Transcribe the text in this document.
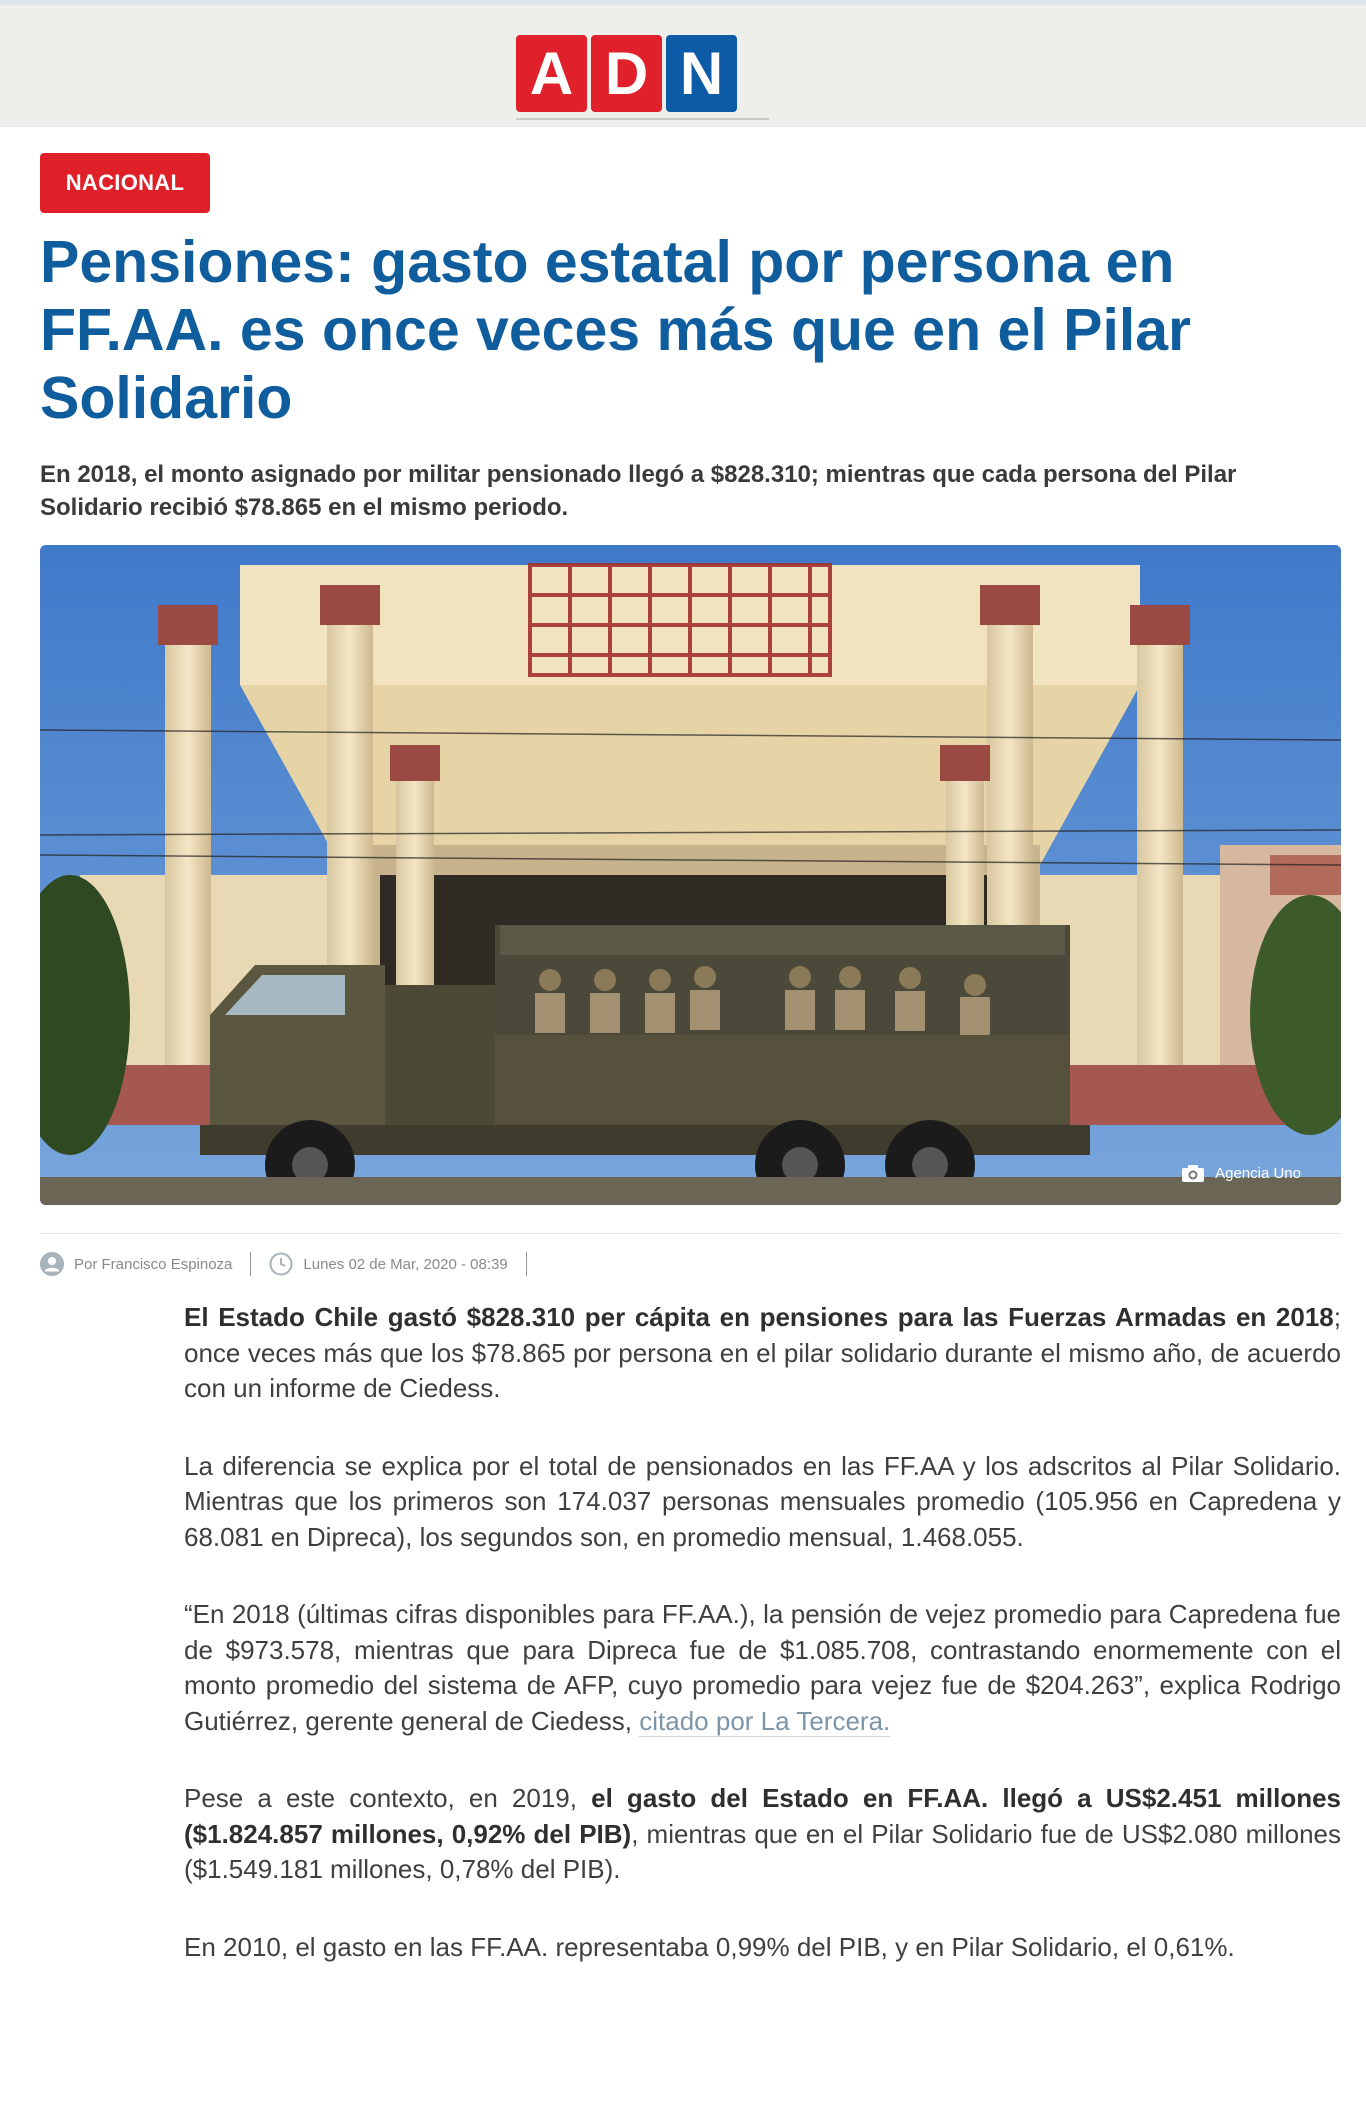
A D N
NACIONAL
Pensiones: gasto estatal por persona en FF.AA. es once veces más que en el Pilar Solidario
En 2018, el monto asignado por militar pensionado llegó a $828.310; mientras que cada persona del Pilar Solidario recibió $78.865 en el mismo periodo.
Agencia Uno
Por Francisco Espinoza	Lunes 02 de Mar, 2020 - 08:39

El Estado Chile gastó $828.310 per cápita en pensiones para las Fuerzas Armadas en 2018; once veces más que los $78.865 por persona en el pilar solidario durante el mismo año, de acuerdo con un informe de Ciedess.

La diferencia se explica por el total de pensionados en las FF.AA y los adscritos al Pilar Solidario. Mientras que los primeros son 174.037 personas mensuales promedio (105.956 en Capredena y 68.081 en Dipreca), los segundos son, en promedio mensual, 1.468.055.

“En 2018 (últimas cifras disponibles para FF.AA.), la pensión de vejez promedio para Capredena fue de $973.578, mientras que para Dipreca fue de $1.085.708, contrastando enormemente con el monto promedio del sistema de AFP, cuyo promedio para vejez fue de $204.263”, explica Rodrigo Gutiérrez, gerente general de Ciedess, citado por La Tercera.

Pese a este contexto, en 2019, el gasto del Estado en FF.AA. llegó a US$2.451 millones ($1.824.857 millones, 0,92% del PIB), mientras que en el Pilar Solidario fue de US$2.080 millones ($1.549.181 millones, 0,78% del PIB).

En 2010, el gasto en las FF.AA. representaba 0,99% del PIB, y en Pilar Solidario, el 0,61%.
